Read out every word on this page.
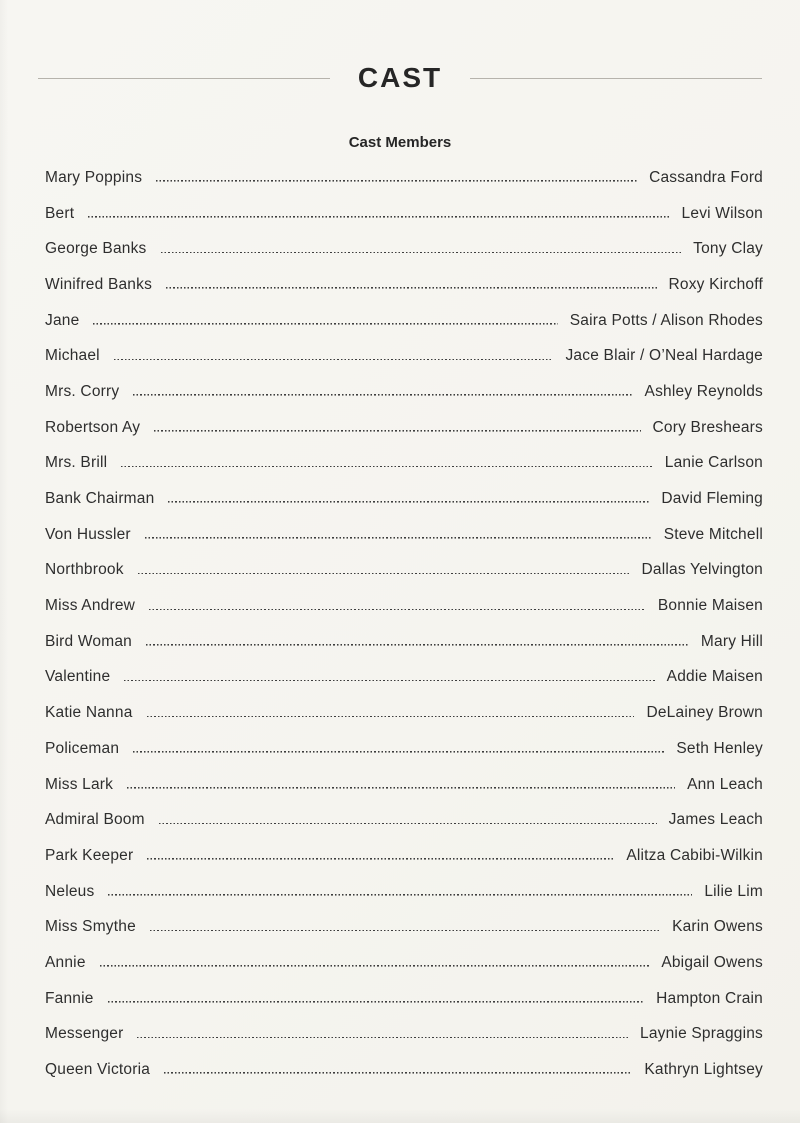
CAST
Cast Members
Mary Poppins	Cassandra Ford
Bert	Levi Wilson
George Banks	Tony Clay
Winifred Banks	Roxy Kirchoff
Jane	Saira Potts / Alison Rhodes
Michael	Jace Blair / O’Neal Hardage
Mrs. Corry	Ashley Reynolds
Robertson Ay	Cory Breshears
Mrs. Brill	Lanie Carlson
Bank Chairman	David Fleming
Von Hussler	Steve Mitchell
Northbrook	Dallas Yelvington
Miss Andrew	Bonnie Maisen
Bird Woman	Mary Hill
Valentine	Addie Maisen
Katie Nanna	DeLainey Brown
Policeman	Seth Henley
Miss Lark	Ann Leach
Admiral Boom	James Leach
Park Keeper	Alitza Cabibi-Wilkin
Neleus	Lilie Lim
Miss Smythe	Karin Owens
Annie	Abigail Owens
Fannie	Hampton Crain
Messenger	Laynie Spraggins
Queen Victoria	Kathryn Lightsey
